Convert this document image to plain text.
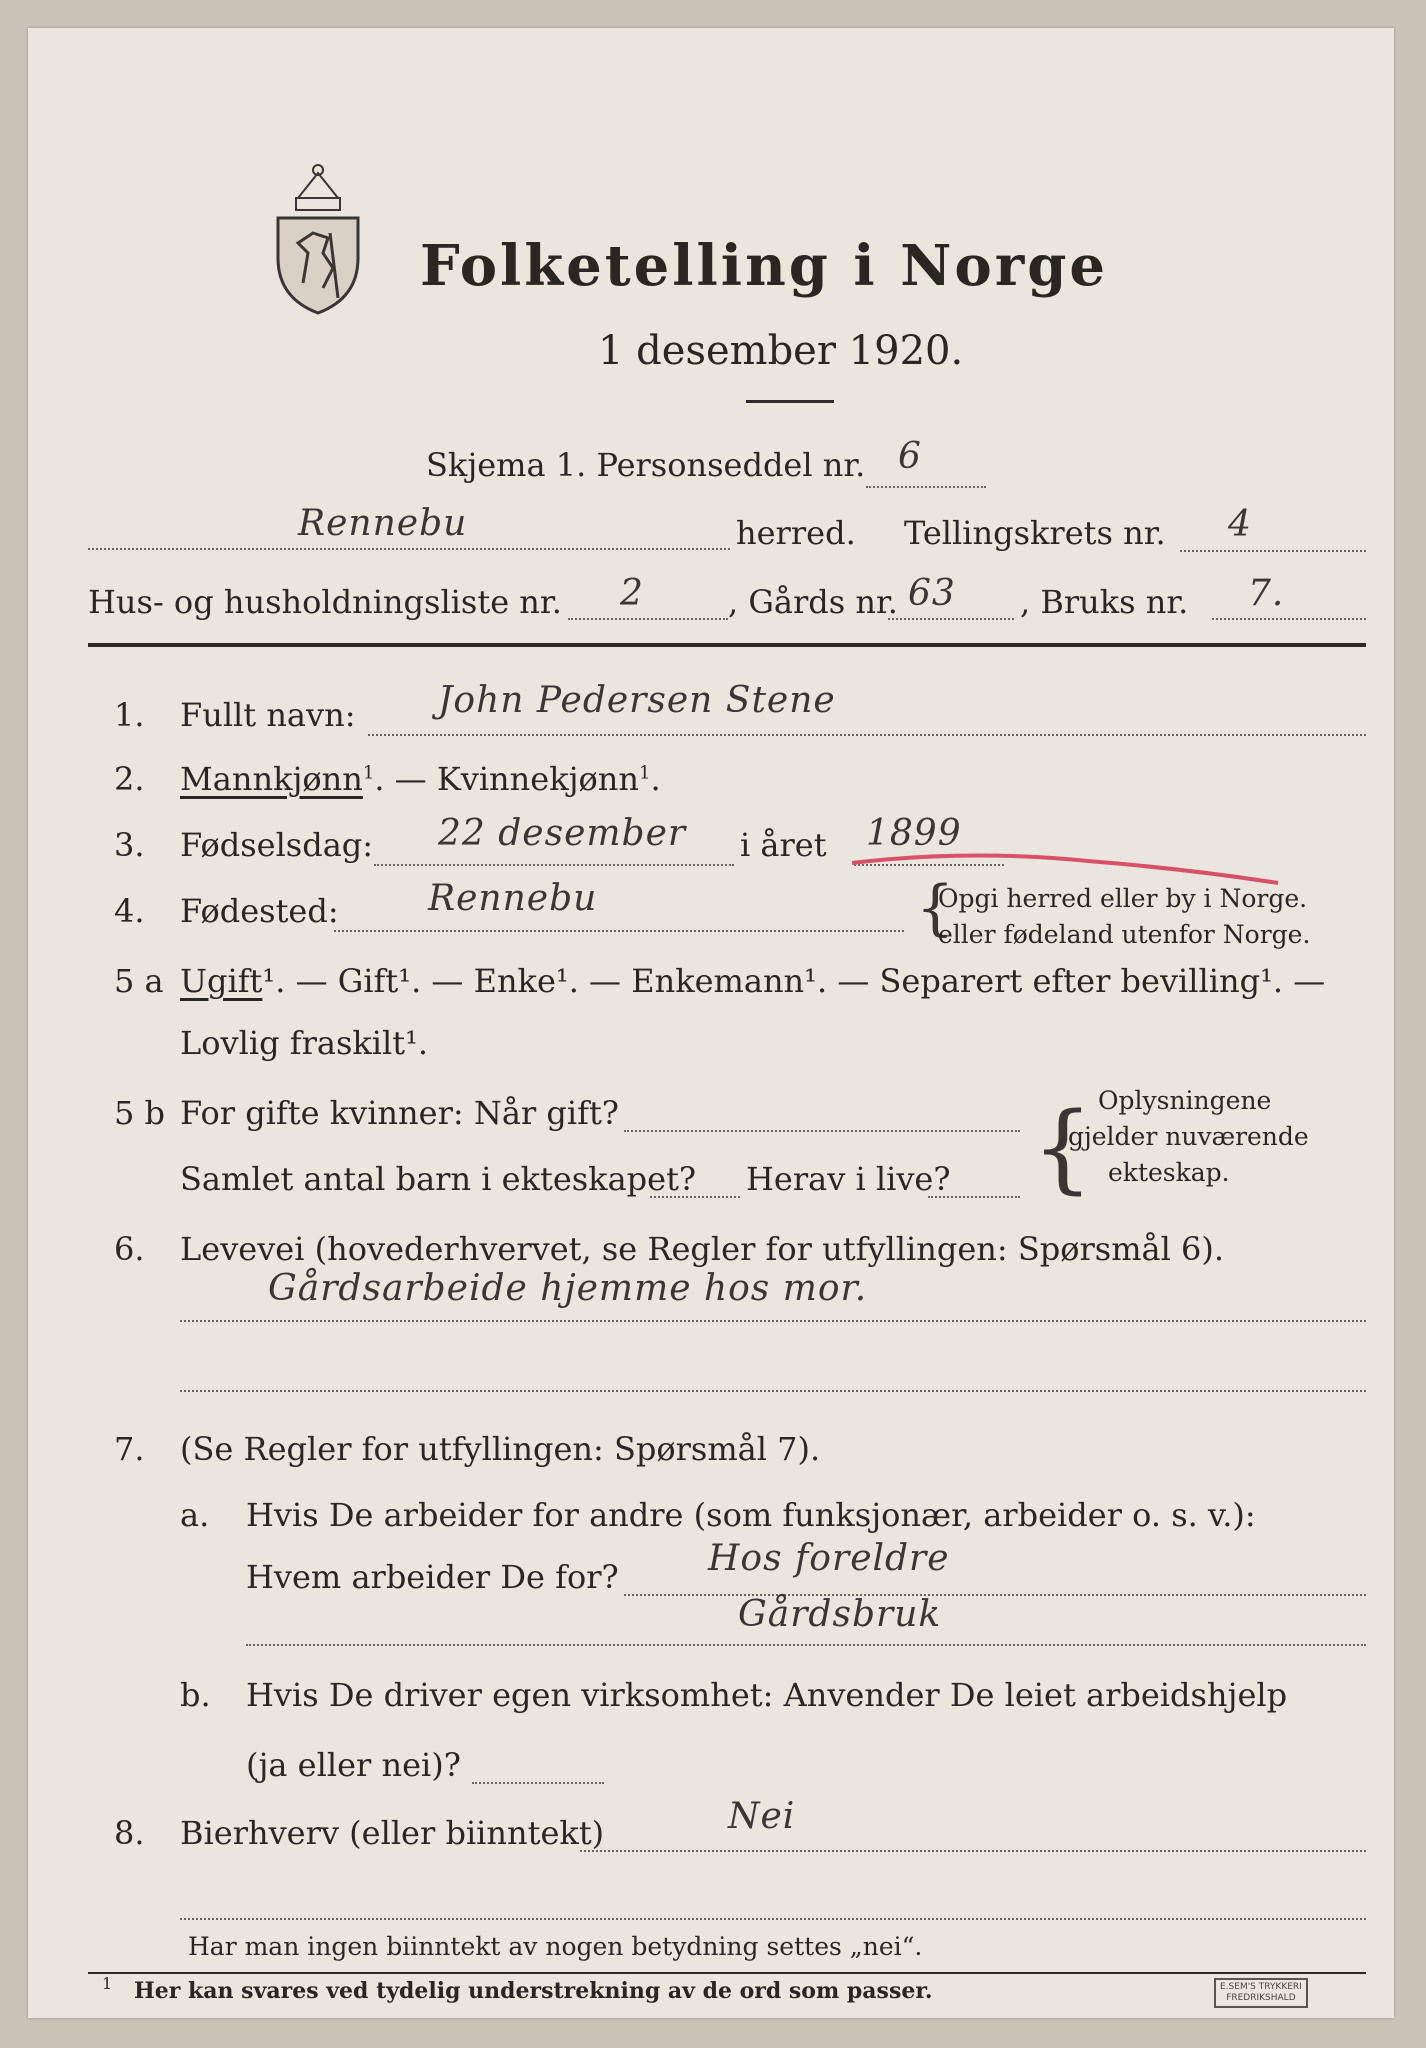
Folketelling i Norge
1 desember 1920.
Skjema 1. Personseddel nr. 6
Rennebu	herred. Tellingskrets nr. 4
Hus- og husholdningsliste nr. 2	, Gårds nr. 63 , Bruks nr. 7.
1. Fullt navn: John Pedersen Stene
2. Mannkjønn$^1$. — Kvinnekjønn$^1$.
3. Fødselsdag: 22 desember i året 1899
4. Fødested: Rennebu	{
Opgi herred eller by i Norge.
eller fødeland utenfor Norge.
5 a Ugift¹. — Gift¹. — Enke¹. — Enkemann¹. — Separert efter bevilling¹. —
Lovlig fraskilt¹.
5 b For gifte kvinner: Når gift?
Samlet antal barn i ekteskapet? Herav i live? { Oplysningene
gjelder nuværende
ekteskap.
6. Levevei (hovederhvervet, se Regler for utfyllingen: Spørsmål 6).
Gårdsarbeide hjemme hos mor.
7. (Se Regler for utfyllingen: Spørsmål 7).
a. Hvis De arbeider for andre (som funksjonær, arbeider o. s. v.):
Hvem arbeider De for? Hos foreldre
Gårdsbruk
b. Hvis De driver egen virksomhet: Anvender De leiet arbeidshjelp
(ja eller nei)?
8. Bierhverv (eller biinntekt)	Nei
Har man ingen biinntekt av nogen betydning settes „nei“.
1 Her kan svares ved tydelig understrekning av de ord som passer.	E.SEM'S TRYKKERI
FREDRIKSHALD
